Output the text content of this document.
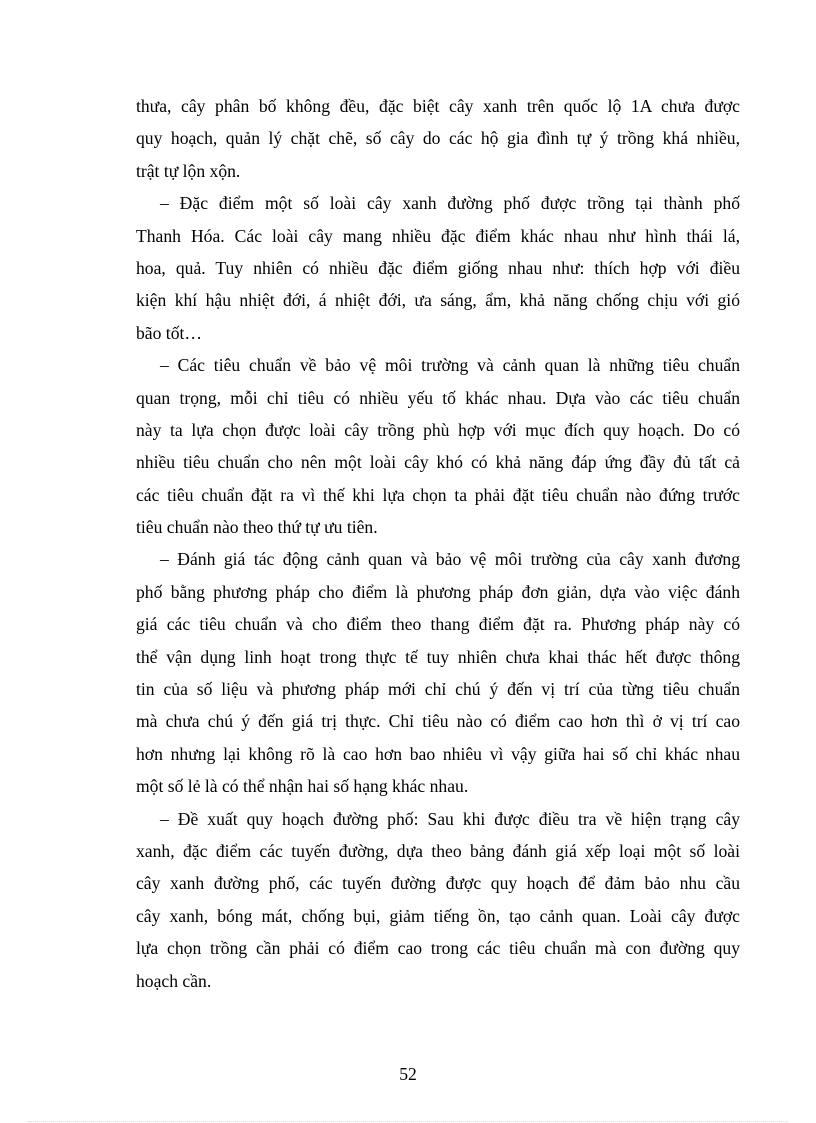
thưa, cây phân bố không đều, đặc biệt cây xanh trên quốc lộ 1A chưa được
quy hoạch, quản lý chặt chẽ, số cây do các hộ gia đình tự ý trồng khá nhiều,
trật tự lộn xộn.
– Đặc điểm một số loài cây xanh đường phố được trồng tại thành phố
Thanh Hóa. Các loài cây mang nhiều đặc điểm khác nhau như hình thái lá,
hoa, quả. Tuy nhiên có nhiều đặc điểm giống nhau như: thích hợp với điều
kiện khí hậu nhiệt đới, á nhiệt đới, ưa sáng, ẩm, khả năng chống chịu với gió
bão tốt…
– Các tiêu chuẩn về bảo vệ môi trường và cảnh quan là những tiêu chuẩn
quan trọng, mỗi chỉ tiêu có nhiều yếu tố khác nhau. Dựa vào các tiêu chuẩn
này ta lựa chọn được loài cây trồng phù hợp với mục đích quy hoạch. Do có
nhiều tiêu chuẩn cho nên một loài cây khó có khả năng đáp ứng đầy đủ tất cả
các tiêu chuẩn đặt ra vì thế khi lựa chọn ta phải đặt tiêu chuẩn nào đứng trước
tiêu chuẩn nào theo thứ tự ưu tiên.
– Đánh giá tác động cảnh quan và bảo vệ môi trường của cây xanh đương
phố bằng phương pháp cho điểm là phương pháp đơn giản, dựa vào việc đánh
giá các tiêu chuẩn và cho điểm theo thang điểm đặt ra. Phương pháp này có
thể vận dụng linh hoạt trong thực tế tuy nhiên chưa khai thác hết được thông
tin của số liệu và phương pháp mới chỉ chú ý đến vị trí của từng tiêu chuẩn
mà chưa chú ý đến giá trị thực. Chỉ tiêu nào có điểm cao hơn thì ở vị trí cao
hơn nhưng lại không rõ là cao hơn bao nhiêu vì vậy giữa hai số chỉ khác nhau
một số lẻ là có thể nhận hai số hạng khác nhau.
– Đề xuất quy hoạch đường phố: Sau khi được điều tra về hiện trạng cây
xanh, đặc điểm các tuyến đường, dựa theo bảng đánh giá xếp loại một số loài
cây xanh đường phố, các tuyến đường được quy hoạch để đảm bảo nhu cầu
cây xanh, bóng mát, chống bụi, giảm tiếng ồn, tạo cảnh quan. Loài cây được
lựa chọn trồng cần phải có điểm cao trong các tiêu chuẩn mà con đường quy
hoạch cần.
52
